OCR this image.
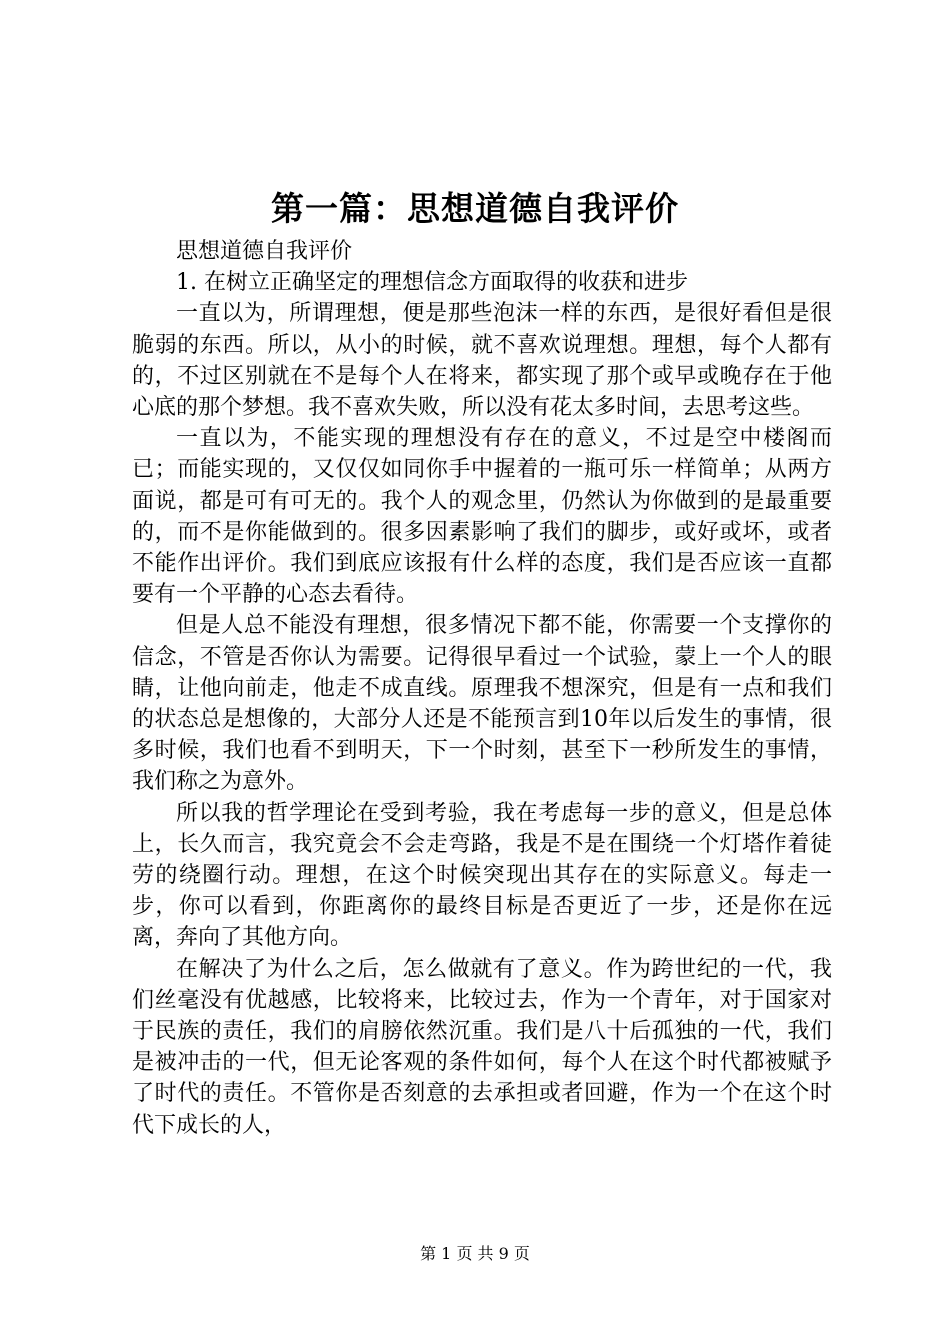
第一篇：思想道德自我评价

思想道德自我评价

1. 在树立正确坚定的理想信念方面取得的收获和进步

一直以为，所谓理想，便是那些泡沫一样的东西，是很好看但是很脆弱的东西。所以，从小的时候，就不喜欢说理想。理想，每个人都有的，不过区别就在不是每个人在将来，都实现了那个或早或晚存在于他心底的那个梦想。我不喜欢失败，所以没有花太多时间，去思考这些。

一直以为，不能实现的理想没有存在的意义，不过是空中楼阁而已；而能实现的，又仅仅如同你手中握着的一瓶可乐一样简单；从两方面说，都是可有可无的。我个人的观念里，仍然认为你做到的是最重要的，而不是你能做到的。很多因素影响了我们的脚步，或好或坏，或者不能作出评价。我们到底应该报有什么样的态度，我们是否应该一直都要有一个平静的心态去看待。

但是人总不能没有理想，很多情况下都不能，你需要一个支撑你的信念，不管是否你认为需要。记得很早看过一个试验，蒙上一个人的眼睛，让他向前走，他走不成直线。原理我不想深究，但是有一点和我们的状态总是想像的，大部分人还是不能预言到10年以后发生的事情，很多时候，我们也看不到明天，下一个时刻，甚至下一秒所发生的事情，我们称之为意外。

所以我的哲学理论在受到考验，我在考虑每一步的意义，但是总体上，长久而言，我究竟会不会走弯路，我是不是在围绕一个灯塔作着徒劳的绕圈行动。理想，在这个时候突现出其存在的实际意义。每走一步，你可以看到，你距离你的最终目标是否更近了一步，还是你在远离，奔向了其他方向。

在解决了为什么之后，怎么做就有了意义。作为跨世纪的一代，我们丝毫没有优越感，比较将来，比较过去，作为一个青年，对于国家对于民族的责任，我们的肩膀依然沉重。我们是八十后孤独的一代，我们是被冲击的一代，但无论客观的条件如何，每个人在这个时代都被赋予了时代的责任。不管你是否刻意的去承担或者回避，作为一个在这个时代下成长的人，

第 1 页 共 9 页
